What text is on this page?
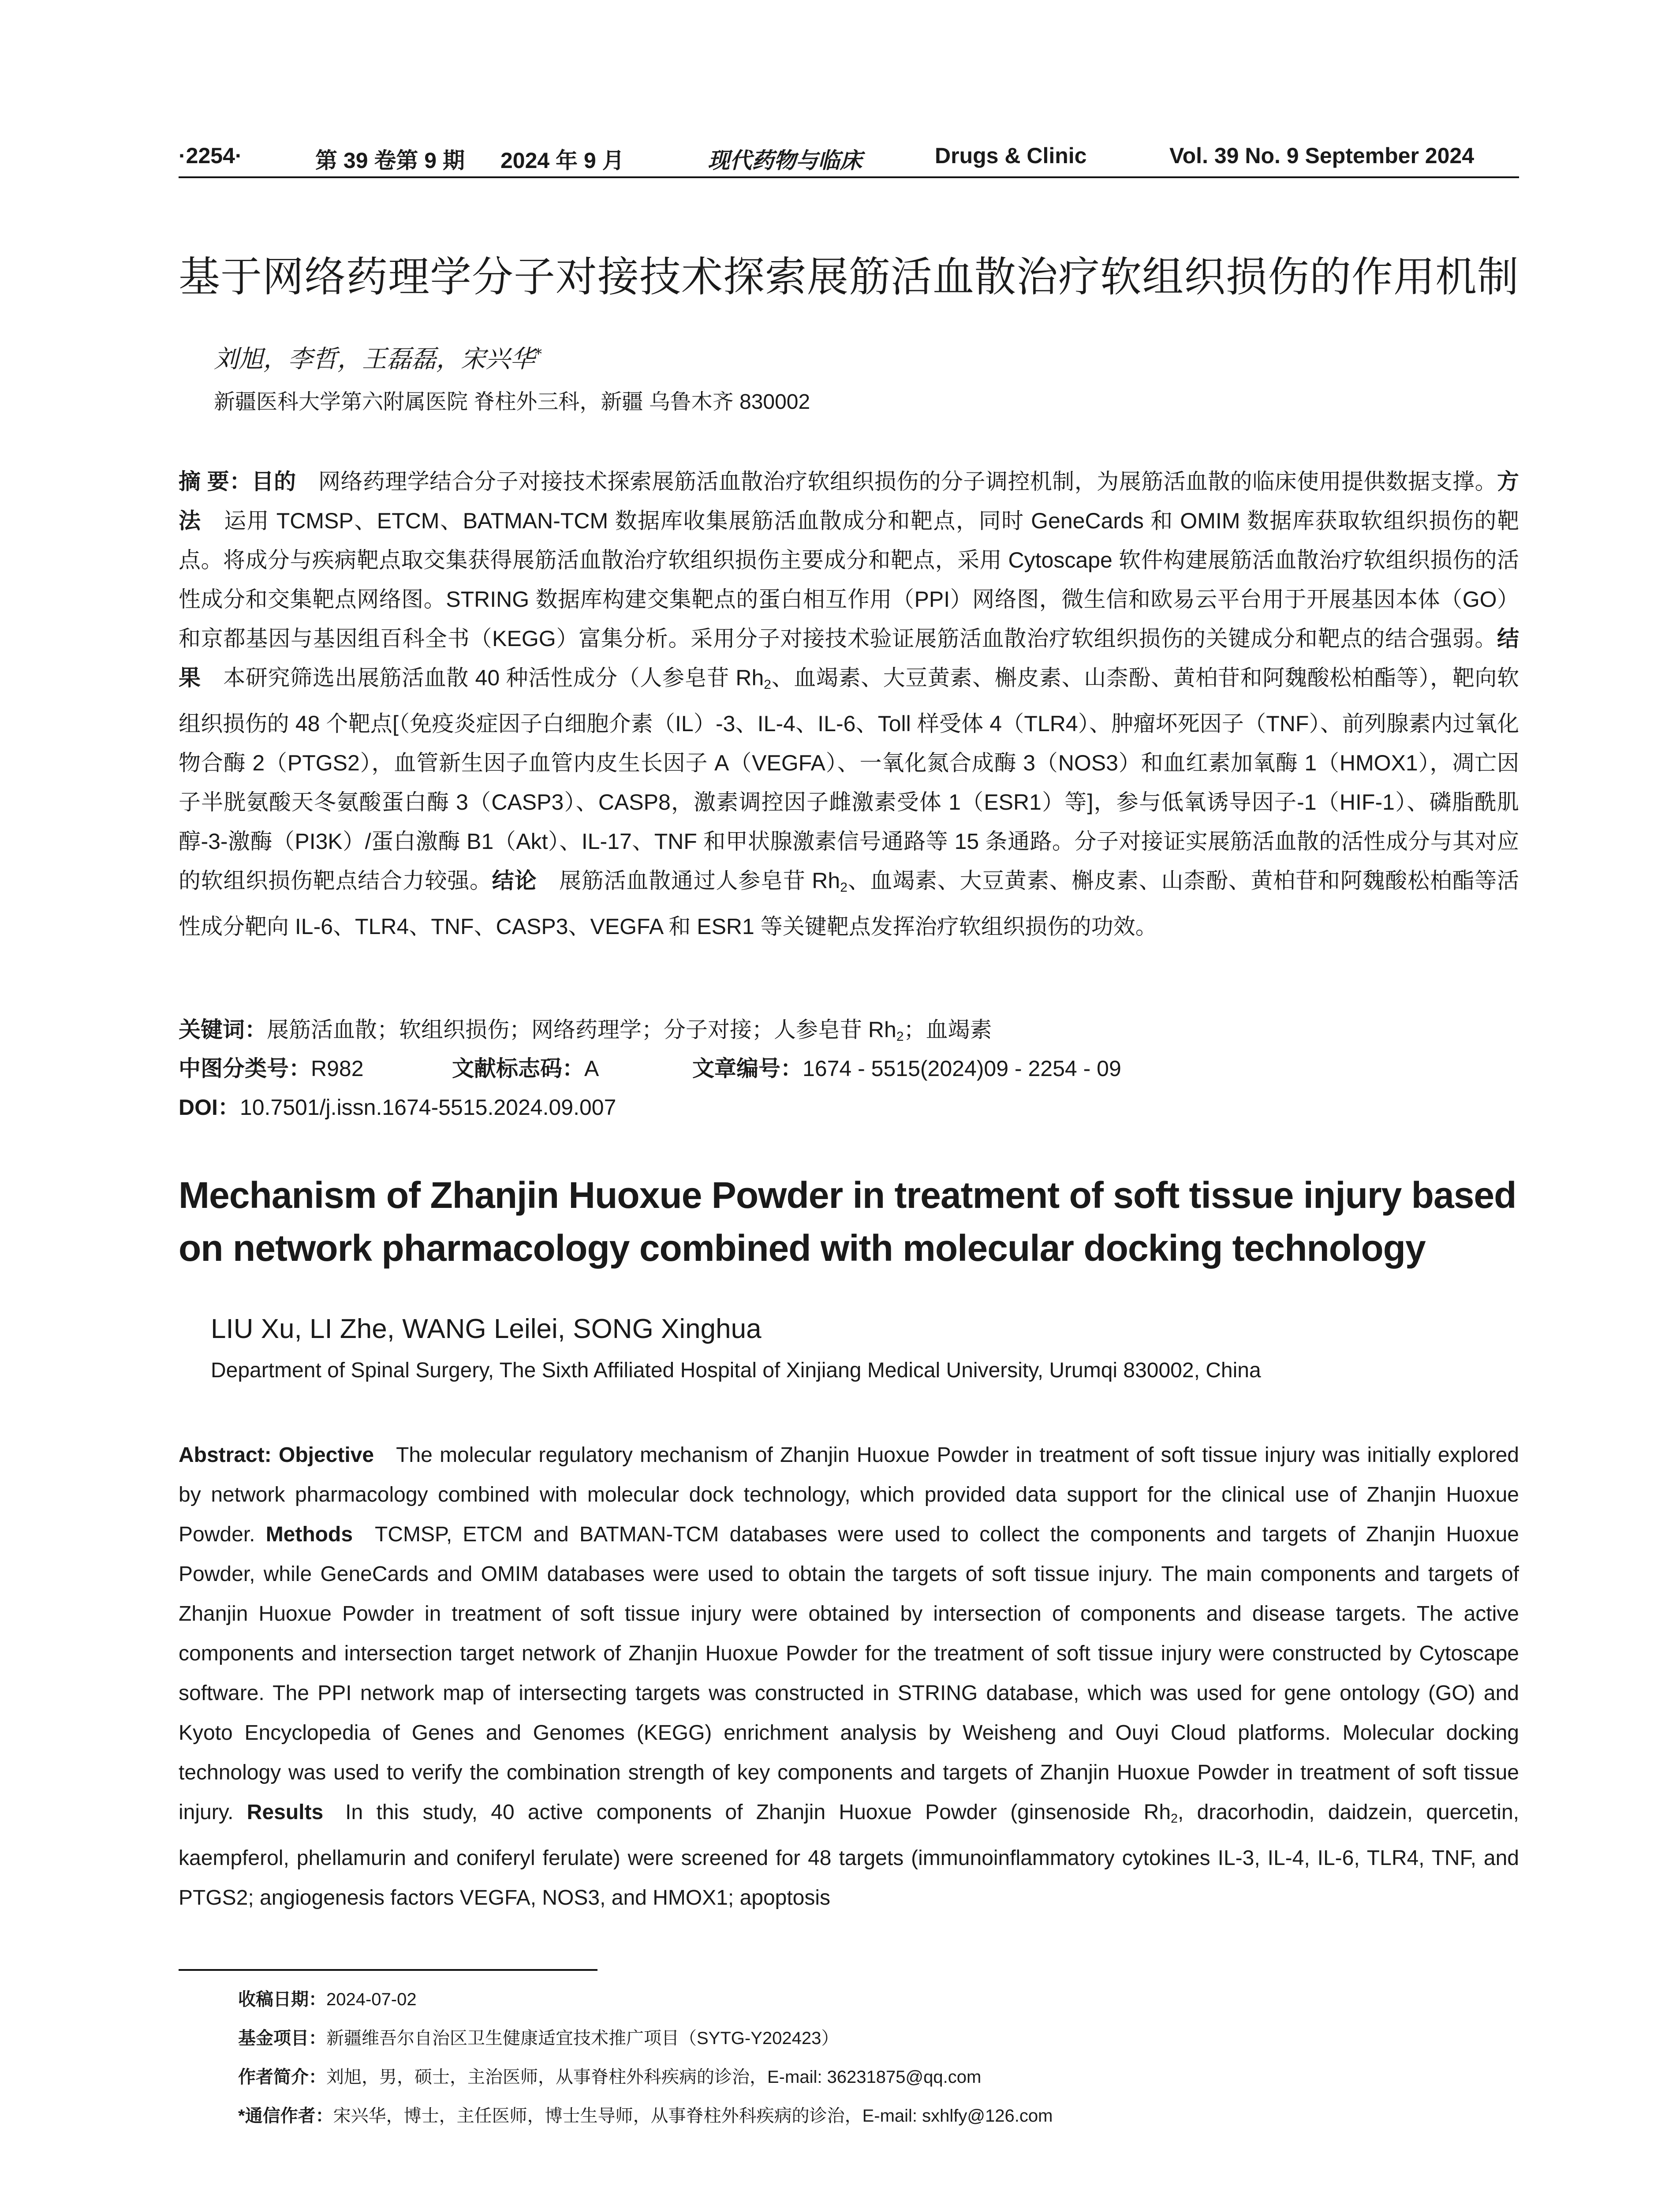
·2254·	第 39 卷第 9 期 2024 年 9 月	现代药物与临床	Drugs & Clinic	Vol. 39 No. 9 September 2024
基于网络药理学分子对接技术探索展筋活血散治疗软组织损伤的作用机制
刘旭，李哲，王磊磊，宋兴华*
新疆医科大学第六附属医院 脊柱外三科，新疆 乌鲁木齐 830002
摘 要：目的 网络药理学结合分子对接技术探索展筋活血散治疗软组织损伤的分子调控机制，为展筋活血散的临床使用提供数据支撑。方法 运用 TCMSP、ETCM、BATMAN-TCM 数据库收集展筋活血散成分和靶点，同时 GeneCards 和 OMIM 数据库获取软组织损伤的靶点。将成分与疾病靶点取交集获得展筋活血散治疗软组织损伤主要成分和靶点，采用 Cytoscape 软件构建展筋活血散治疗软组织损伤的活性成分和交集靶点网络图。STRING 数据库构建交集靶点的蛋白相互作用（PPI）网络图，微生信和欧易云平台用于开展基因本体（GO）和京都基因与基因组百科全书（KEGG）富集分析。采用分子对接技术验证展筋活血散治疗软组织损伤的关键成分和靶点的结合强弱。结果 本研究筛选出展筋活血散 40 种活性成分（人参皂苷 $Rh_2$、血竭素、大豆黄素、槲皮素、山柰酚、黄柏苷和阿魏酸松柏酯等），靶向软组织损伤的 48 个靶点[（免疫炎症因子白细胞介素（IL）-3、IL-4、IL-6、Toll 样受体 4（TLR4）、肿瘤坏死因子（TNF）、前列腺素内过氧化物合酶 2（PTGS2），血管新生因子血管内皮生长因子 A（VEGFA）、一氧化氮合成酶 3（NOS3）和血红素加氧酶 1（HMOX1），凋亡因子半胱氨酸天冬氨酸蛋白酶 3（CASP3）、CASP8，激素调控因子雌激素受体 1（ESR1）等]，参与低氧诱导因子-1（HIF-1）、磷脂酰肌醇-3-激酶（PI3K）/蛋白激酶 B1（Akt）、IL-17、TNF 和甲状腺激素信号通路等 15 条通路。分子对接证实展筋活血散的活性成分与其对应的软组织损伤靶点结合力较强。结论 展筋活血散通过人参皂苷 $Rh_2$、血竭素、大豆黄素、槲皮素、山柰酚、黄柏苷和阿魏酸松柏酯等活性成分靶向 IL-6、TLR4、TNF、CASP3、VEGFA 和 ESR1 等关键靶点发挥治疗软组织损伤的功效。
关键词：展筋活血散；软组织损伤；网络药理学；分子对接；人参皂苷 $Rh_2$；血竭素
中图分类号：R982	文献标志码：A	文章编号：1674 - 5515(2024)09 - 2254 - 09
DOI：10.7501/j.issn.1674-5515.2024.09.007
Mechanism of Zhanjin Huoxue Powder in treatment of soft tissue injury based on network pharmacology combined with molecular docking technology
LIU Xu, LI Zhe, WANG Leilei, SONG Xinghua
Department of Spinal Surgery, The Sixth Affiliated Hospital of Xinjiang Medical University, Urumqi 830002, China
Abstract: Objective The molecular regulatory mechanism of Zhanjin Huoxue Powder in treatment of soft tissue injury was initially explored by network pharmacology combined with molecular dock technology, which provided data support for the clinical use of Zhanjin Huoxue Powder. Methods TCMSP, ETCM and BATMAN-TCM databases were used to collect the components and targets of Zhanjin Huoxue Powder, while GeneCards and OMIM databases were used to obtain the targets of soft tissue injury. The main components and targets of Zhanjin Huoxue Powder in treatment of soft tissue injury were obtained by intersection of components and disease targets. The active components and intersection target network of Zhanjin Huoxue Powder for the treatment of soft tissue injury were constructed by Cytoscape software. The PPI network map of intersecting targets was constructed in STRING database, which was used for gene ontology (GO) and Kyoto Encyclopedia of Genes and Genomes (KEGG) enrichment analysis by Weisheng and Ouyi Cloud platforms. Molecular docking technology was used to verify the combination strength of key components and targets of Zhanjin Huoxue Powder in treatment of soft tissue injury. Results In this study, 40 active components of Zhanjin Huoxue Powder (ginsenoside $Rh_2$, dracorhodin, daidzein, quercetin, kaempferol, phellamurin and coniferyl ferulate) were screened for 48 targets (immunoinflammatory cytokines IL-3, IL-4, IL-6, TLR4, TNF, and PTGS2; angiogenesis factors VEGFA, NOS3, and HMOX1; apoptosis
收稿日期：2024-07-02
基金项目：新疆维吾尔自治区卫生健康适宜技术推广项目（SYTG-Y202423）
作者简介：刘旭，男，硕士，主治医师，从事脊柱外科疾病的诊治，E-mail: 36231875@qq.com
*通信作者：宋兴华，博士，主任医师，博士生导师，从事脊柱外科疾病的诊治，E-mail: sxhlfy@126.com
